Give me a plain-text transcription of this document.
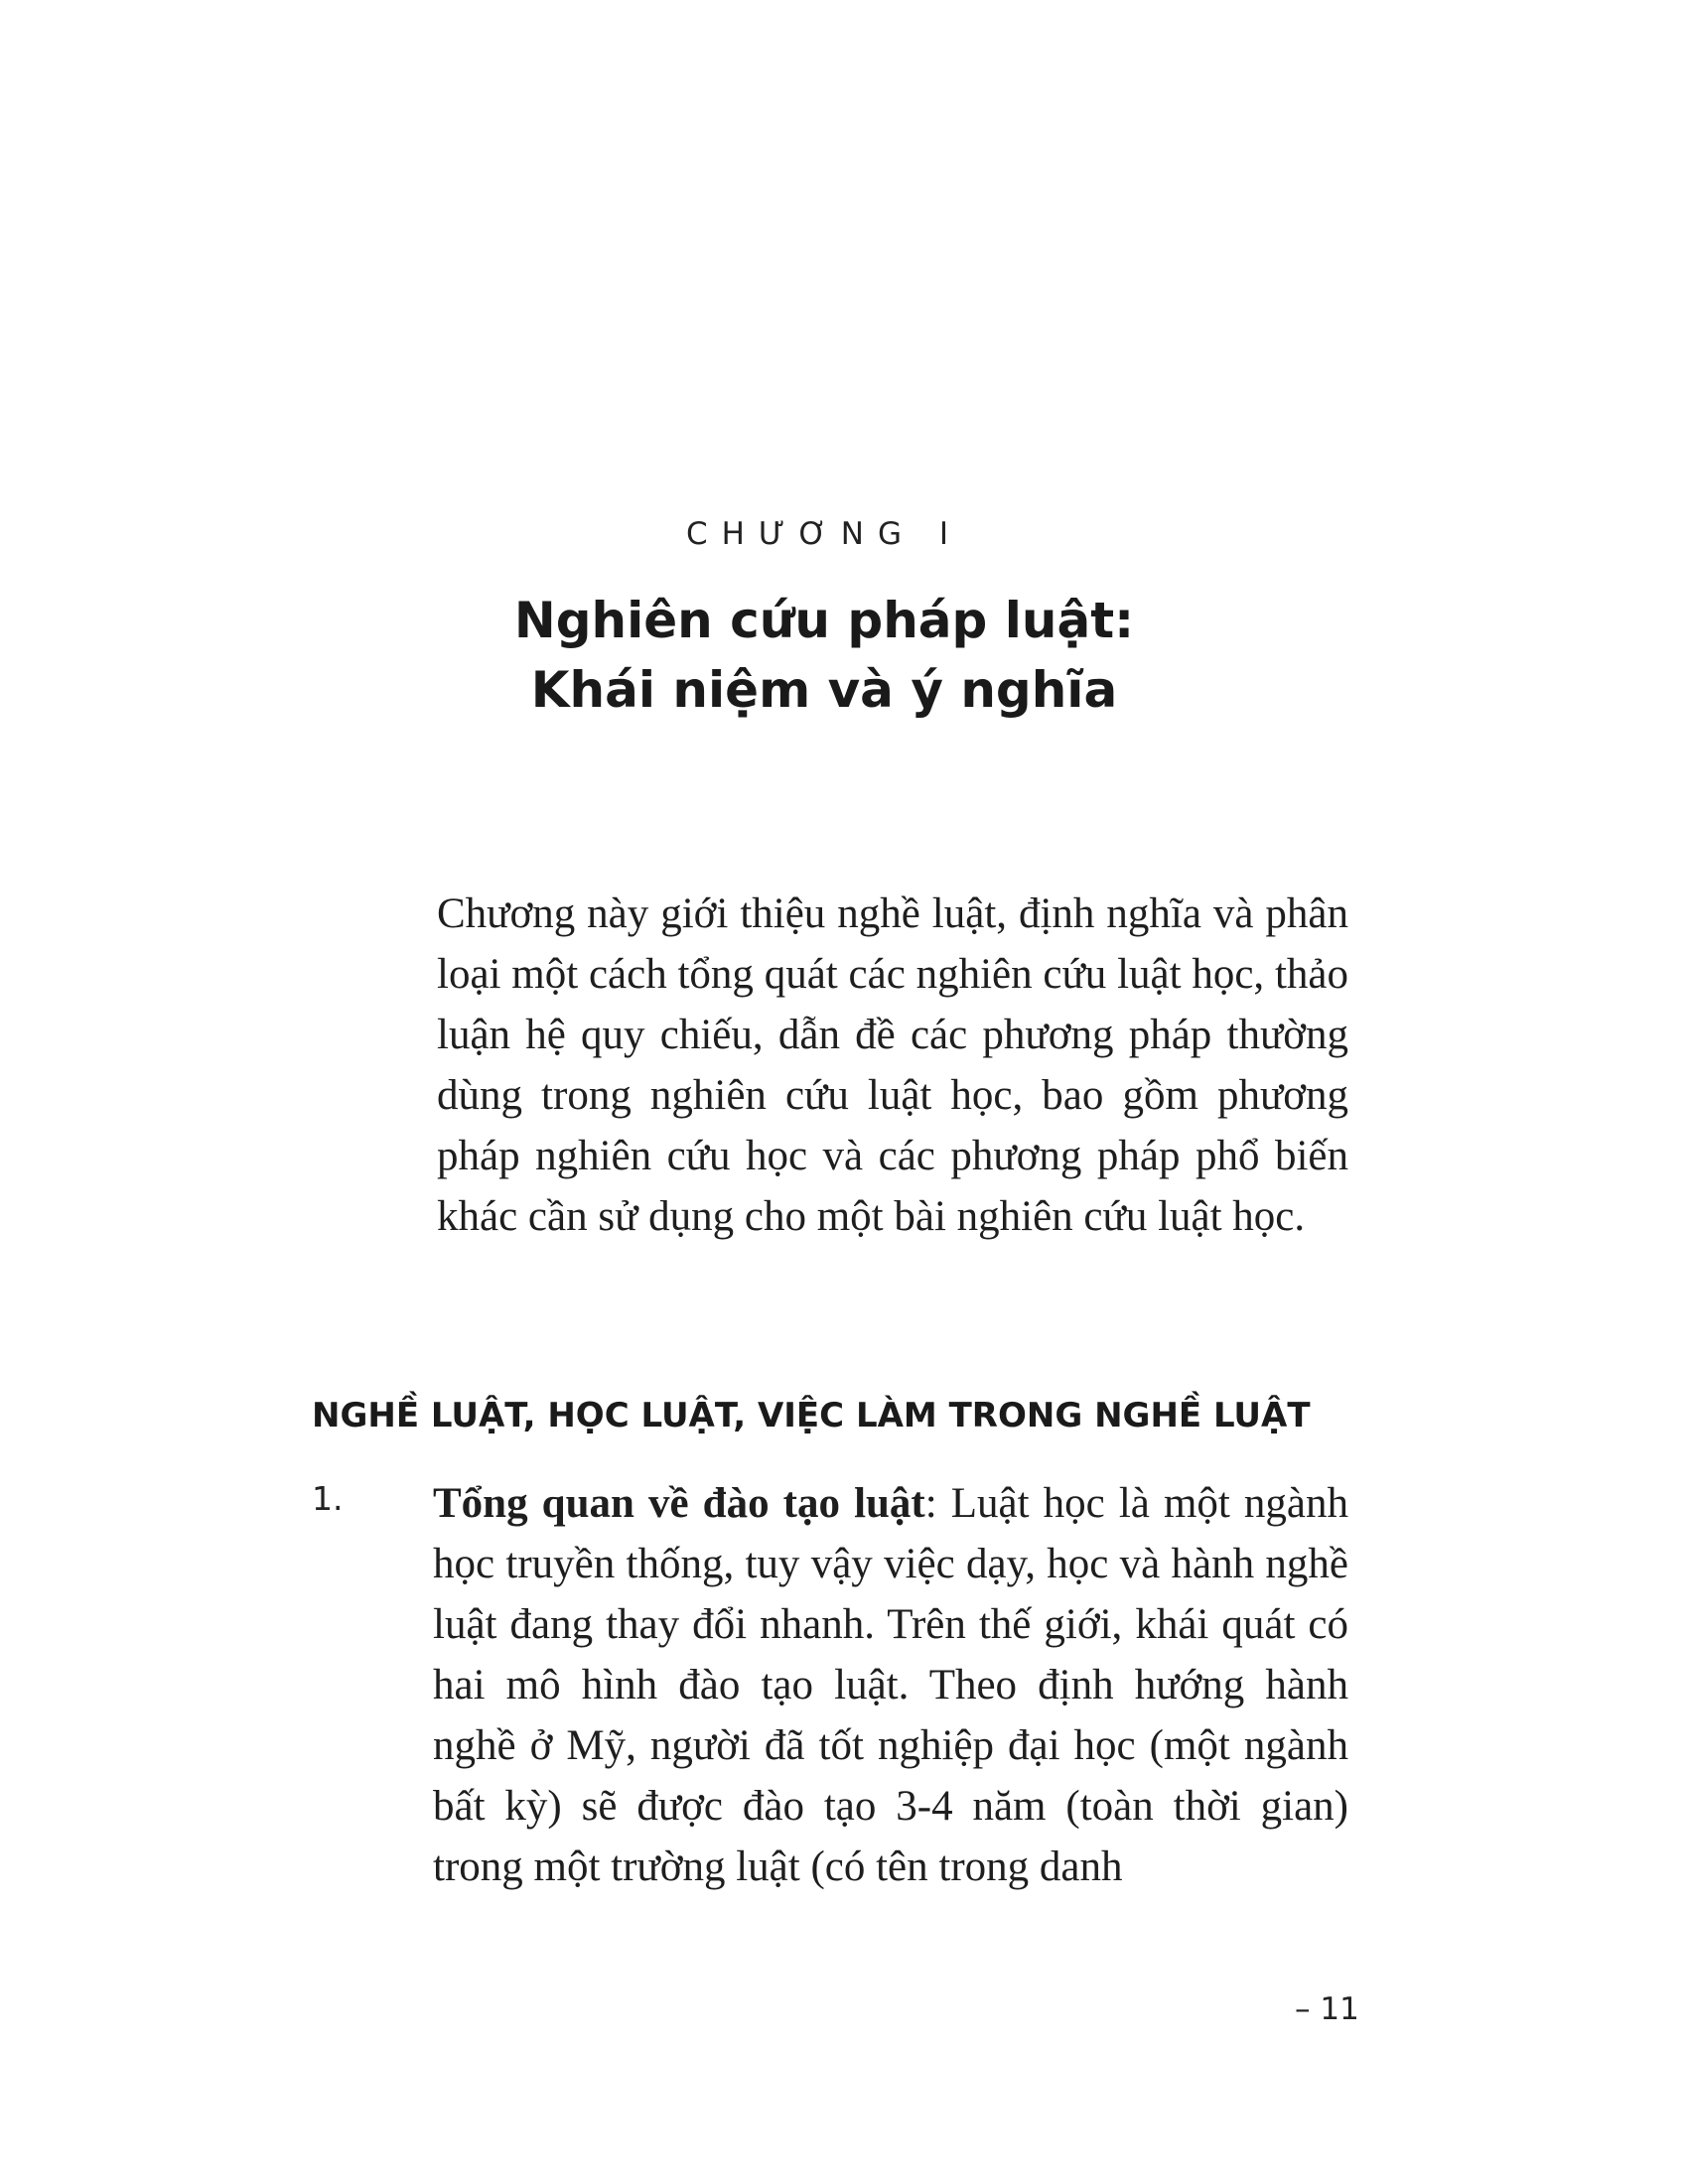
CHƯƠNG I
Nghiên cứu pháp luật:
Khái niệm và ý nghĩa

Chương này giới thiệu nghề luật, định nghĩa và phân loại một cách tổng quát các nghiên cứu luật học, thảo luận hệ quy chiếu, dẫn đề các phương pháp thường dùng trong nghiên cứu luật học, bao gồm phương pháp nghiên cứu học và các phương pháp phổ biến khác cần sử dụng cho một bài nghiên cứu luật học.

NGHỀ LUẬT, HỌC LUẬT, VIỆC LÀM TRONG NGHỀ LUẬT
1. Tổng quan về đào tạo luật: Luật học là một ngành học truyền thống, tuy vậy việc dạy, học và hành nghề luật đang thay đổi nhanh. Trên thế giới, khái quát có hai mô hình đào tạo luật. Theo định hướng hành nghề ở Mỹ, người đã tốt nghiệp đại học (một ngành bất kỳ) sẽ được đào tạo 3-4 năm (toàn thời gian) trong một trường luật (có tên trong danh

– 11
